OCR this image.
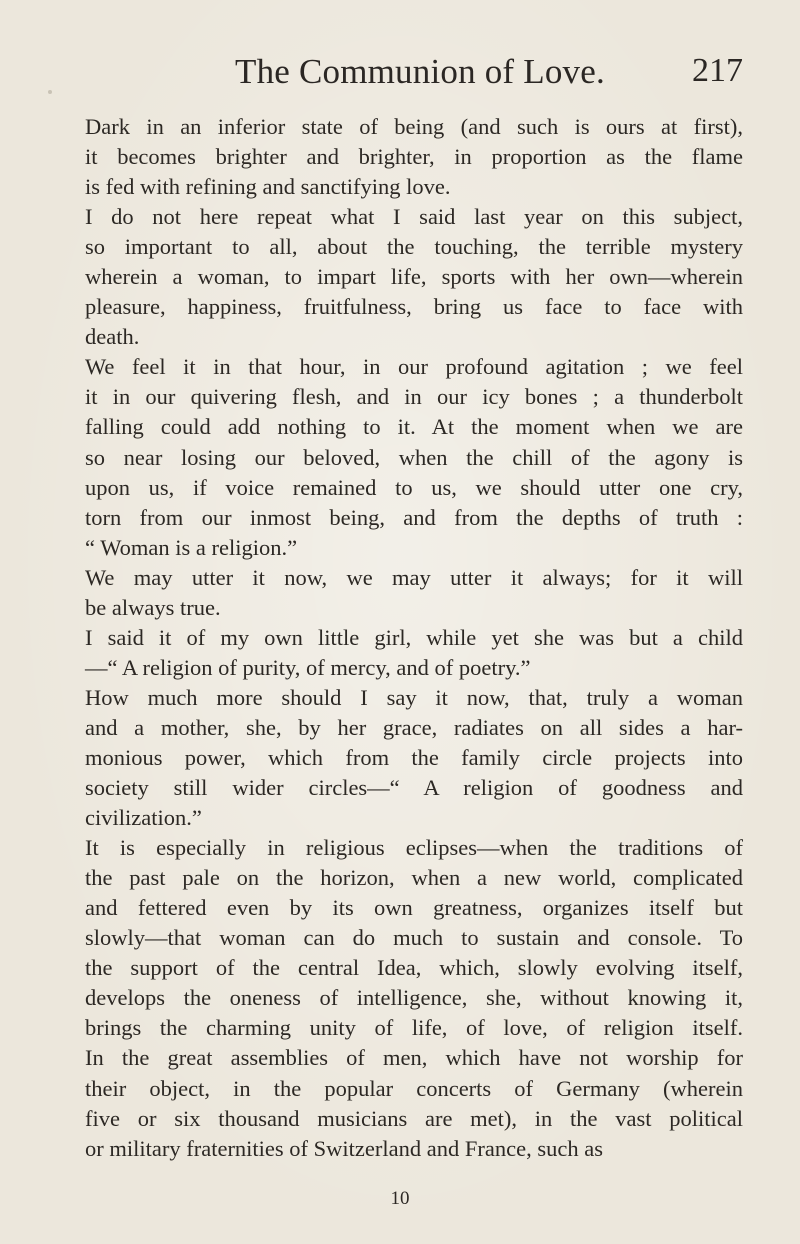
The Communion of Love.	217
Dark in an inferior state of being (and such is ours at first),
it becomes brighter and brighter, in proportion as the flame
is fed with refining and sanctifying love.
I do not here repeat what I said last year on this subject,
so important to all, about the touching, the terrible mystery
wherein a woman, to impart life, sports with her own—wherein
pleasure, happiness, fruitfulness, bring us face to face with
death.
We feel it in that hour, in our profound agitation ; we feel
it in our quivering flesh, and in our icy bones ; a thunderbolt
falling could add nothing to it. At the moment when we are
so near losing our beloved, when the chill of the agony is
upon us, if voice remained to us, we should utter one cry,
torn from our inmost being, and from the depths of truth :
“ Woman is a religion.”
We may utter it now, we may utter it always; for it will
be always true.
I said it of my own little girl, while yet she was but a child
—“ A religion of purity, of mercy, and of poetry.”
How much more should I say it now, that, truly a woman
and a mother, she, by her grace, radiates on all sides a har-
monious power, which from the family circle projects into
society still wider circles—“ A religion of goodness and
civilization.”
It is especially in religious eclipses—when the traditions of
the past pale on the horizon, when a new world, complicated
and fettered even by its own greatness, organizes itself but
slowly—that woman can do much to sustain and console. To
the support of the central Idea, which, slowly evolving itself,
develops the oneness of intelligence, she, without knowing it,
brings the charming unity of life, of love, of religion itself.
In the great assemblies of men, which have not worship for
their object, in the popular concerts of Germany (wherein
five or six thousand musicians are met), in the vast political
or military fraternities of Switzerland and France, such as
10
